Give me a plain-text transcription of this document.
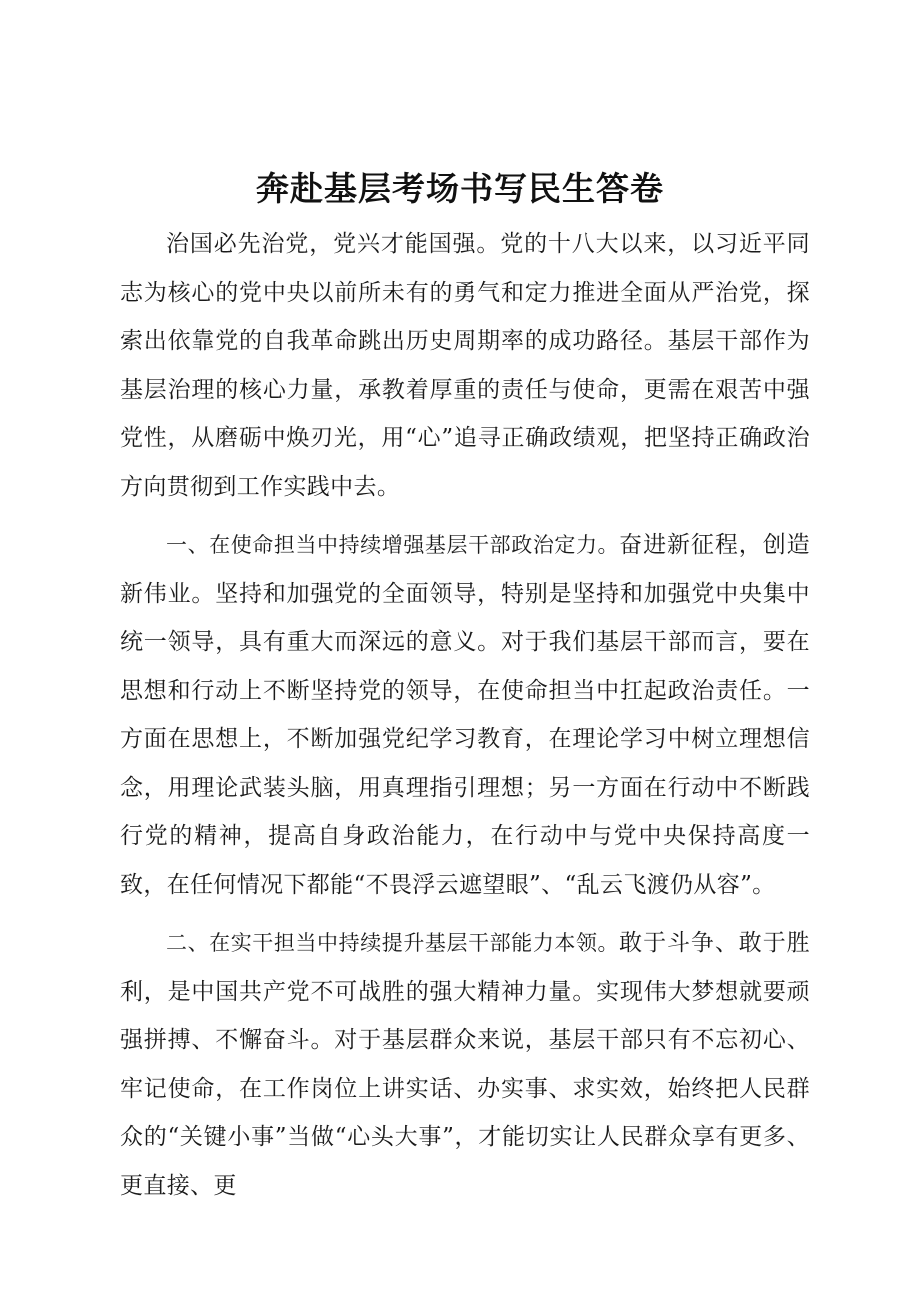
奔赴基层考场书写民生答卷

治国必先治党，党兴才能国强。党的十八大以来，以习近平同志为核心的党中央以前所未有的勇气和定力推进全面从严治党，探索出依靠党的自我革命跳出历史周期率的成功路径。基层干部作为基层治理的核心力量，承教着厚重的责任与使命，更需在艰苦中强党性，从磨砺中焕刃光，用“心”追寻正确政绩观，把坚持正确政治方向贯彻到工作实践中去。

一、在使命担当中持续增强基层干部政治定力。奋进新征程，创造新伟业。坚持和加强党的全面领导，特别是坚持和加强党中央集中统一领导，具有重大而深远的意义。对于我们基层干部而言，要在思想和行动上不断坚持党的领导，在使命担当中扛起政治责任。一方面在思想上，不断加强党纪学习教育，在理论学习中树立理想信念，用理论武装头脑，用真理指引理想；另一方面在行动中不断践行党的精神，提高自身政治能力，在行动中与党中央保持高度一致，在任何情况下都能“不畏浮云遮望眼”、“乱云飞渡仍从容”。

二、在实干担当中持续提升基层干部能力本领。敢于斗争、敢于胜利，是中国共产党不可战胜的强大精神力量。实现伟大梦想就要顽强拼搏、不懈奋斗。对于基层群众来说，基层干部只有不忘初心、牢记使命，在工作岗位上讲实话、办实事、求实效，始终把人民群众的“关键小事”当做“心头大事”，才能切实让人民群众享有更多、更直接、更
